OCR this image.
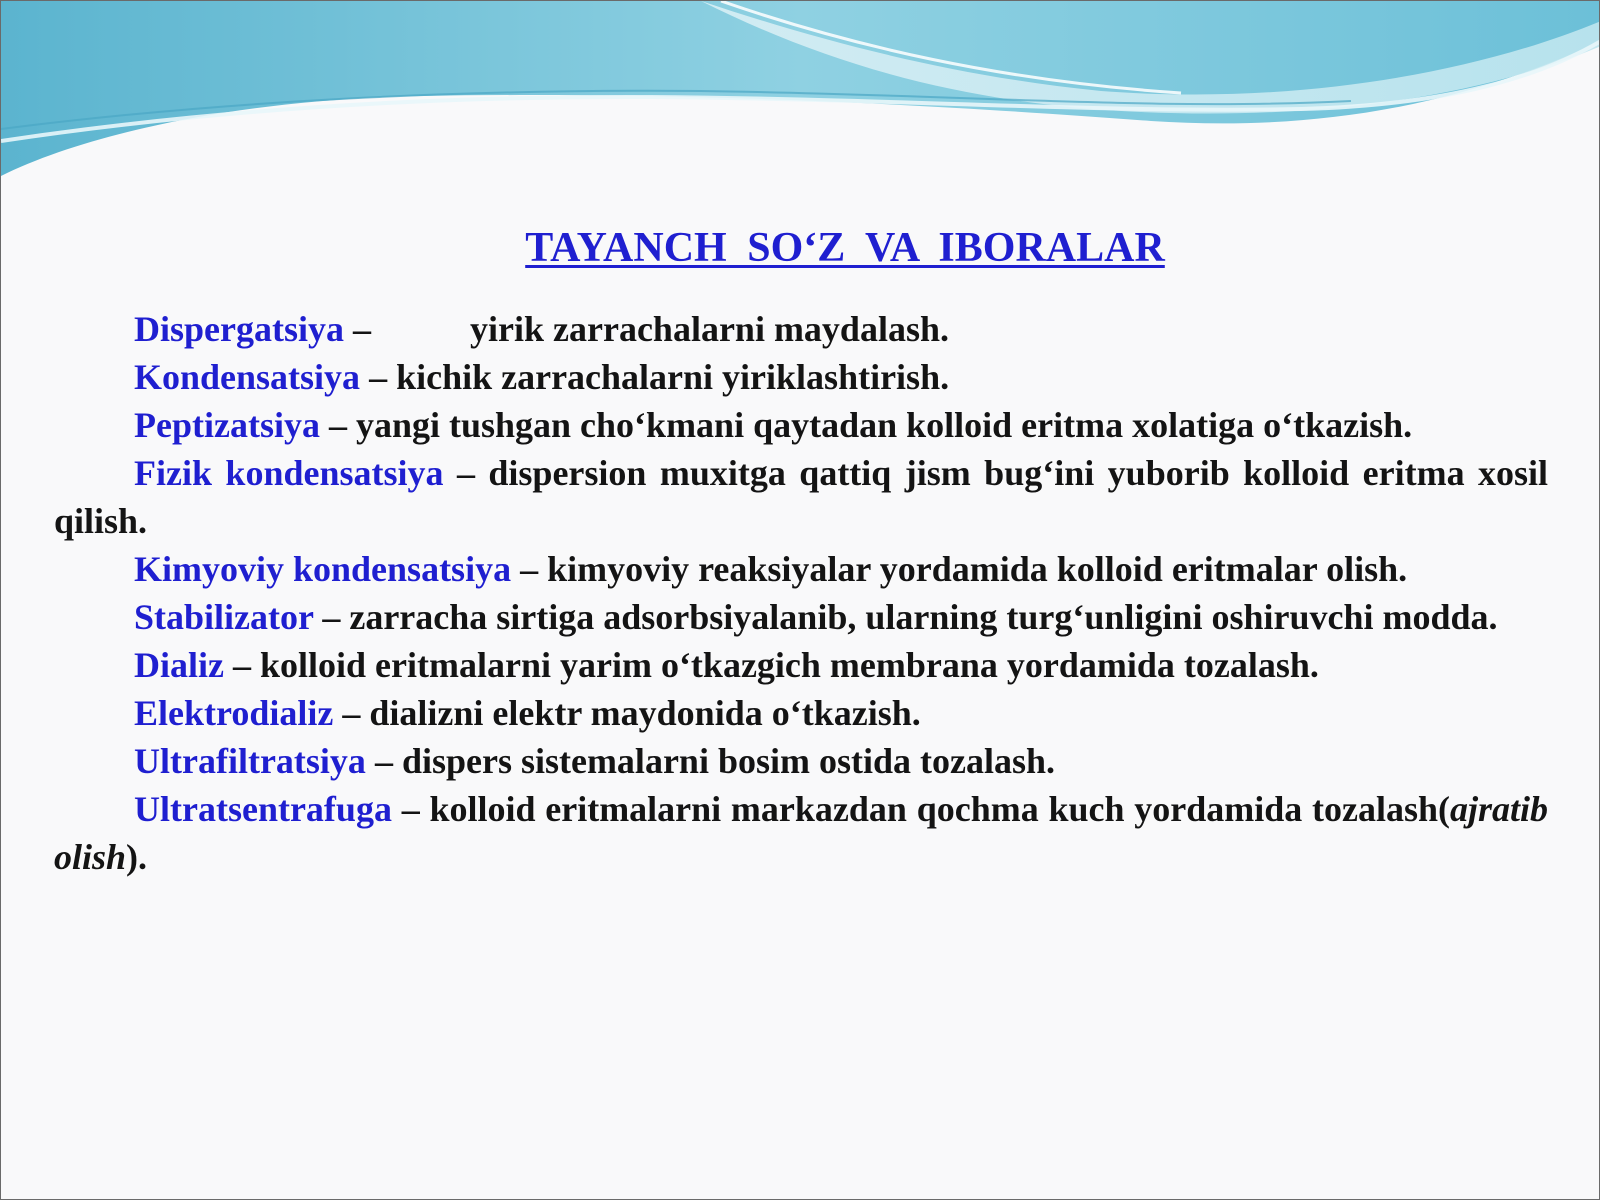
TAYANCH SO‘Z VA IBORALAR

Dispergatsiya –	yirik zarrachalarni maydalash.

Kondensatsiya – kichik zarrachalarni yiriklashtirish.

Peptizatsiya – yangi tushgan cho‘kmani qaytadan kolloid eritma xolatiga o‘tkazish.

Fizik kondensatsiya – dispersion muxitga qattiq jism bug‘ini yuborib kolloid eritma xosil qilish.

Kimyoviy kondensatsiya – kimyoviy reaksiyalar yordamida kolloid eritmalar olish.

Stabilizator – zarracha sirtiga adsorbsiyalanib, ularning turg‘unligini oshiruvchi modda.

Dializ – kolloid eritmalarni yarim o‘tkazgich membrana yordamida tozalash.

Elektrodializ – dializni elektr maydonida o‘tkazish.

Ultrafiltratsiya – dispers sistemalarni bosim ostida tozalash.

Ultratsentrafuga – kolloid eritmalarni markazdan qochma kuch yordamida tozalash(ajratib olish).
